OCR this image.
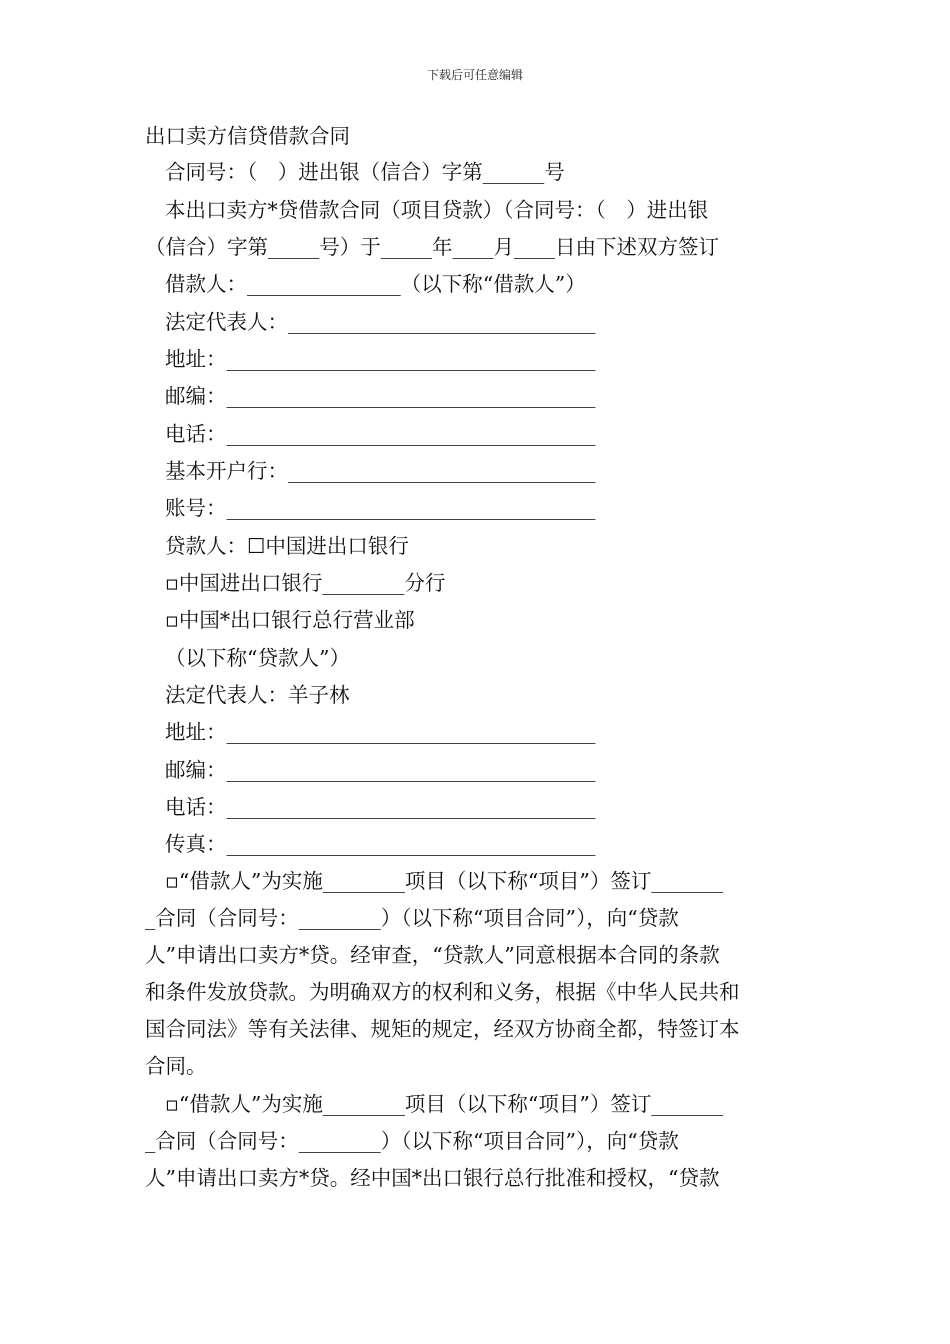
下载后可任意编辑
出口卖方信贷借款合同
合同号：（　）进出银（信合）字第______号
本出口卖方*贷借款合同（项目贷款）（合同号：（　）进出银
（信合）字第_____号）于_____年____月____日由下述双方签订
借款人：_______________（以下称“借款人”）
法定代表人：______________________________
地址：____________________________________
邮编：____________________________________
电话：____________________________________
基本开户行：______________________________
账号：____________________________________
贷款人：☐中国进出口银行
▫中国进出口银行________分行
▫中国*出口银行总行营业部
（以下称“贷款人”）
法定代表人：羊子林
地址：____________________________________
邮编：____________________________________
电话：____________________________________
传真：____________________________________
▫“借款人”为实施________项目（以下称“项目”）签订_______
_合同（合同号：________）（以下称“项目合同”），向“贷款
人”申请出口卖方*贷。经审查，“贷款人”同意根据本合同的条款
和条件发放贷款。为明确双方的权利和义务，根据《中华人民共和
国合同法》等有关法律、规矩的规定，经双方协商全都，特签订本
合同。
▫“借款人”为实施________项目（以下称“项目”）签订_______
_合同（合同号：________）（以下称“项目合同”），向“贷款
人”申请出口卖方*贷。经中国*出口银行总行批准和授权，“贷款
